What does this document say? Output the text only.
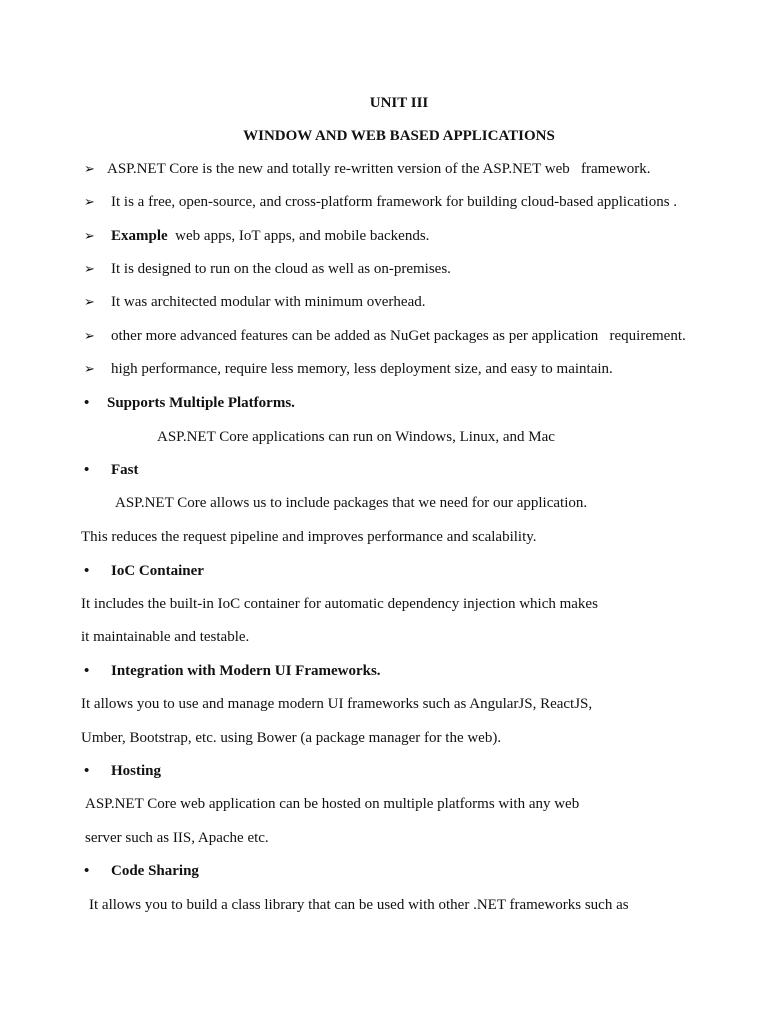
UNIT III
WINDOW AND WEB BASED APPLICATIONS
➢ ASP.NET Core is the new and totally re-written version of the ASP.NET web   framework.
➢ It is a free, open-source, and cross-platform framework for building cloud-based applications .
➢ Example  web apps, IoT apps, and mobile backends.
➢ It is designed to run on the cloud as well as on-premises.
➢ It was architected modular with minimum overhead.
➢ other more advanced features can be added as NuGet packages as per application   requirement.
➢ high performance, require less memory, less deployment size, and easy to maintain.
• Supports Multiple Platforms.
ASP.NET Core applications can run on Windows, Linux, and Mac
• Fast
ASP.NET Core allows us to include packages that we need for our application.
This reduces the request pipeline and improves performance and scalability.
• IoC Container
It includes the built-in IoC container for automatic dependency injection which makes
it maintainable and testable.
• Integration with Modern UI Frameworks.
It allows you to use and manage modern UI frameworks such as AngularJS, ReactJS,
Umber, Bootstrap, etc. using Bower (a package manager for the web).
• Hosting
ASP.NET Core web application can be hosted on multiple platforms with any web
server such as IIS, Apache etc.
• Code Sharing
It allows you to build a class library that can be used with other .NET frameworks such as
